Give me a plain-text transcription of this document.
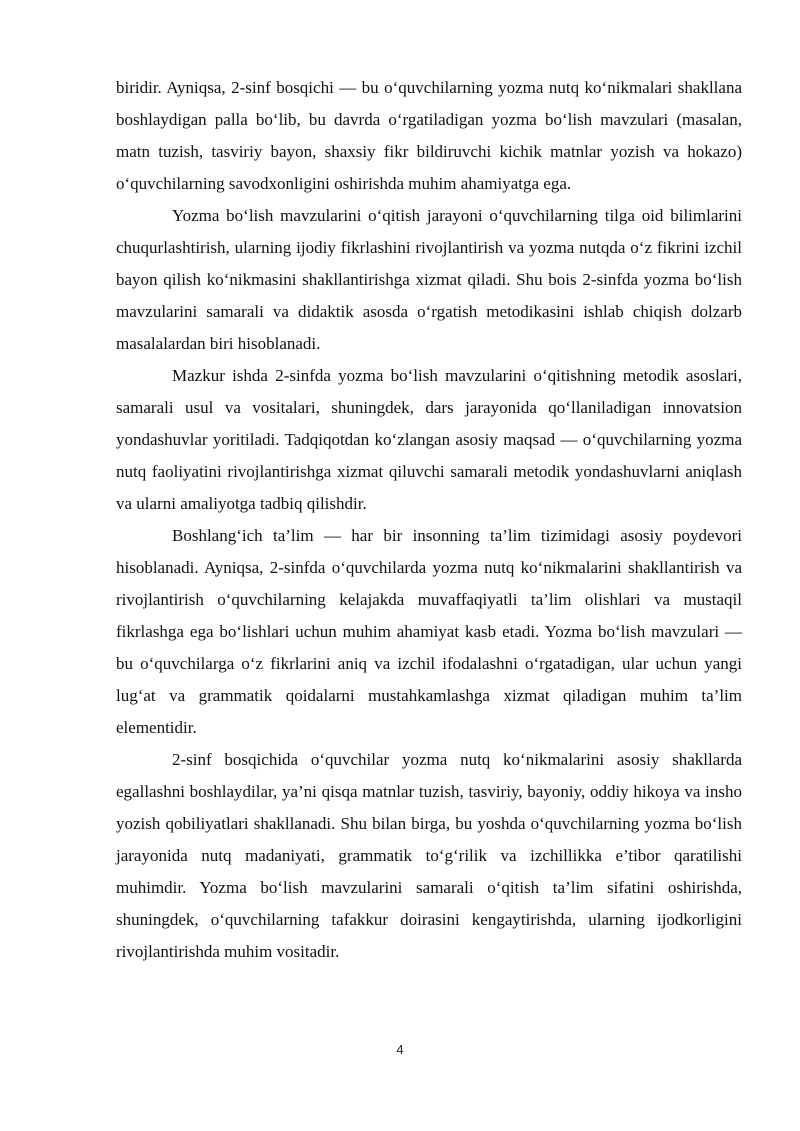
biridir. Ayniqsa, 2-sinf bosqichi — bu o‘quvchilarning yozma nutq ko‘nikmalari shakllana boshlaydigan palla bo‘lib, bu davrda o‘rgatiladigan yozma bo‘lish mavzulari (masalan, matn tuzish, tasviriy bayon, shaxsiy fikr bildiruvchi kichik matnlar yozish va hokazo) o‘quvchilarning savodxonligini oshirishda muhim ahamiyatga ega.

Yozma bo‘lish mavzularini o‘qitish jarayoni o‘quvchilarning tilga oid bilimlarini chuqurlashtirish, ularning ijodiy fikrlashini rivojlantirish va yozma nutqda o‘z fikrini izchil bayon qilish ko‘nikmasini shakllantirishga xizmat qiladi. Shu bois 2-sinfda yozma bo‘lish mavzularini samarali va didaktik asosda o‘rgatish metodikasini ishlab chiqish dolzarb masalalardan biri hisoblanadi.

Mazkur ishda 2-sinfda yozma bo‘lish mavzularini o‘qitishning metodik asoslari, samarali usul va vositalari, shuningdek, dars jarayonida qo‘llaniladigan innovatsion yondashuvlar yoritiladi. Tadqiqotdan ko‘zlangan asosiy maqsad — o‘quvchilarning yozma nutq faoliyatini rivojlantirishga xizmat qiluvchi samarali metodik yondashuvlarni aniqlash va ularni amaliyotga tadbiq qilishdir.

Boshlang‘ich ta’lim — har bir insonning ta’lim tizimidagi asosiy poydevori hisoblanadi. Ayniqsa, 2-sinfda o‘quvchilarda yozma nutq ko‘nikmalarini shakllantirish va rivojlantirish o‘quvchilarning kelajakda muvaffaqiyatli ta’lim olishlari va mustaqil fikrlashga ega bo‘lishlari uchun muhim ahamiyat kasb etadi. Yozma bo‘lish mavzulari — bu o‘quvchilarga o‘z fikrlarini aniq va izchil ifodalashni o‘rgatadigan, ular uchun yangi lug‘at va grammatik qoidalarni mustahkamlashga xizmat qiladigan muhim ta’lim elementidir.

2-sinf bosqichida o‘quvchilar yozma nutq ko‘nikmalarini asosiy shakllarda egallashni boshlaydilar, ya’ni qisqa matnlar tuzish, tasviriy, bayoniy, oddiy hikoya va insho yozish qobiliyatlari shakllanadi. Shu bilan birga, bu yoshda o‘quvchilarning yozma bo‘lish jarayonida nutq madaniyati, grammatik to‘g‘rilik va izchillikka e’tibor qaratilishi muhimdir. Yozma bo‘lish mavzularini samarali o‘qitish ta’lim sifatini oshirishda, shuningdek, o‘quvchilarning tafakkur doirasini kengaytirishda, ularning ijodkorligini rivojlantirishda muhim vositadir.

4
